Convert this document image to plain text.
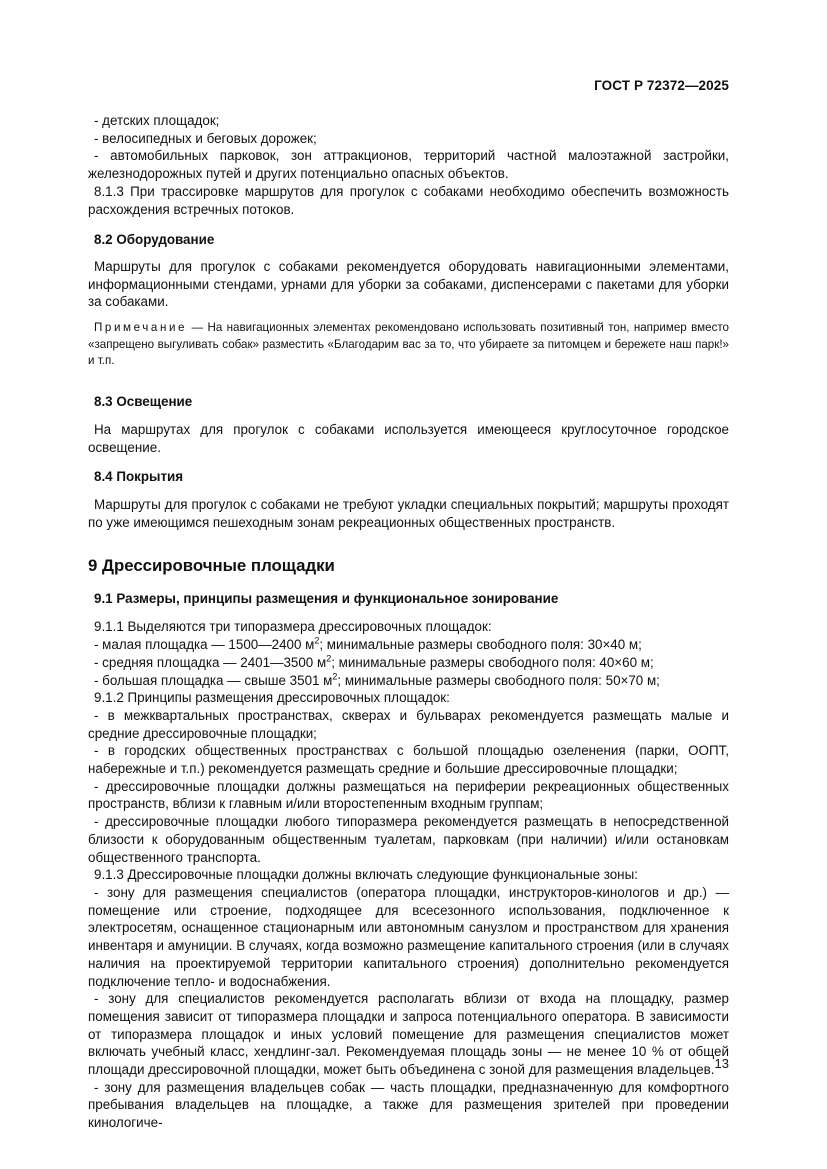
ГОСТ Р 72372—2025

- детских площадок;

- велосипедных и беговых дорожек;

- автомобильных парковок, зон аттракционов, территорий частной малоэтажной застройки, железнодорожных путей и других потенциально опасных объектов.

8.1.3 При трассировке маршрутов для прогулок с собаками необходимо обеспечить возможность расхождения встречных потоков.

8.2 Оборудование

Маршруты для прогулок с собаками рекомендуется оборудовать навигационными элементами, информационными стендами, урнами для уборки за собаками, диспенсерами с пакетами для уборки за собаками.

Примечание — На навигационных элементах рекомендовано использовать позитивный тон, например вместо «запрещено выгуливать собак» разместить «Благодарим вас за то, что убираете за питомцем и бережете наш парк!» и т.п.

8.3 Освещение

На маршрутах для прогулок с собаками используется имеющееся круглосуточное городское освещение.

8.4 Покрытия

Маршруты для прогулок с собаками не требуют укладки специальных покрытий; маршруты проходят по уже имеющимся пешеходным зонам рекреационных общественных пространств.

9 Дрессировочные площадки

9.1 Размеры, принципы размещения и функциональное зонирование

9.1.1 Выделяются три типоразмера дрессировочных площадок:

- малая площадка — 1500—2400 $м^2$; минимальные размеры свободного поля: 30×40 м;

- средняя площадка — 2401—3500 $м^2$; минимальные размеры свободного поля: 40×60 м;

- большая площадка — свыше 3501 $м^2$; минимальные размеры свободного поля: 50×70 м;

9.1.2 Принципы размещения дрессировочных площадок:

- в межквартальных пространствах, скверах и бульварах рекомендуется размещать малые и средние дрессировочные площадки;

- в городских общественных пространствах с большой площадью озеленения (парки, ООПТ, набережные и т.п.) рекомендуется размещать средние и большие дрессировочные площадки;

- дрессировочные площадки должны размещаться на периферии рекреационных общественных пространств, вблизи к главным и/или второстепенным входным группам;

- дрессировочные площадки любого типоразмера рекомендуется размещать в непосредственной близости к оборудованным общественным туалетам, парковкам (при наличии) и/или остановкам общественного транспорта.

9.1.3 Дрессировочные площадки должны включать следующие функциональные зоны:

- зону для размещения специалистов (оператора площадки, инструкторов-кинологов и др.) — помещение или строение, подходящее для всесезонного использования, подключенное к электросетям, оснащенное стационарным или автономным санузлом и пространством для хранения инвентаря и амуниции. В случаях, когда возможно размещение капитального строения (или в случаях наличия на проектируемой территории капитального строения) дополнительно рекомендуется подключение тепло- и водоснабжения.

- зону для специалистов рекомендуется располагать вблизи от входа на площадку, размер помещения зависит от типоразмера площадки и запроса потенциального оператора. В зависимости от типоразмера площадок и иных условий помещение для размещения специалистов может включать учебный класс, хендлинг-зал. Рекомендуемая площадь зоны — не менее 10 % от общей площади дрессировочной площадки, может быть объединена с зоной для размещения владельцев.

- зону для размещения владельцев собак — часть площадки, предназначенную для комфортного пребывания владельцев на площадке, а также для размещения зрителей при проведении кинологиче-

13
